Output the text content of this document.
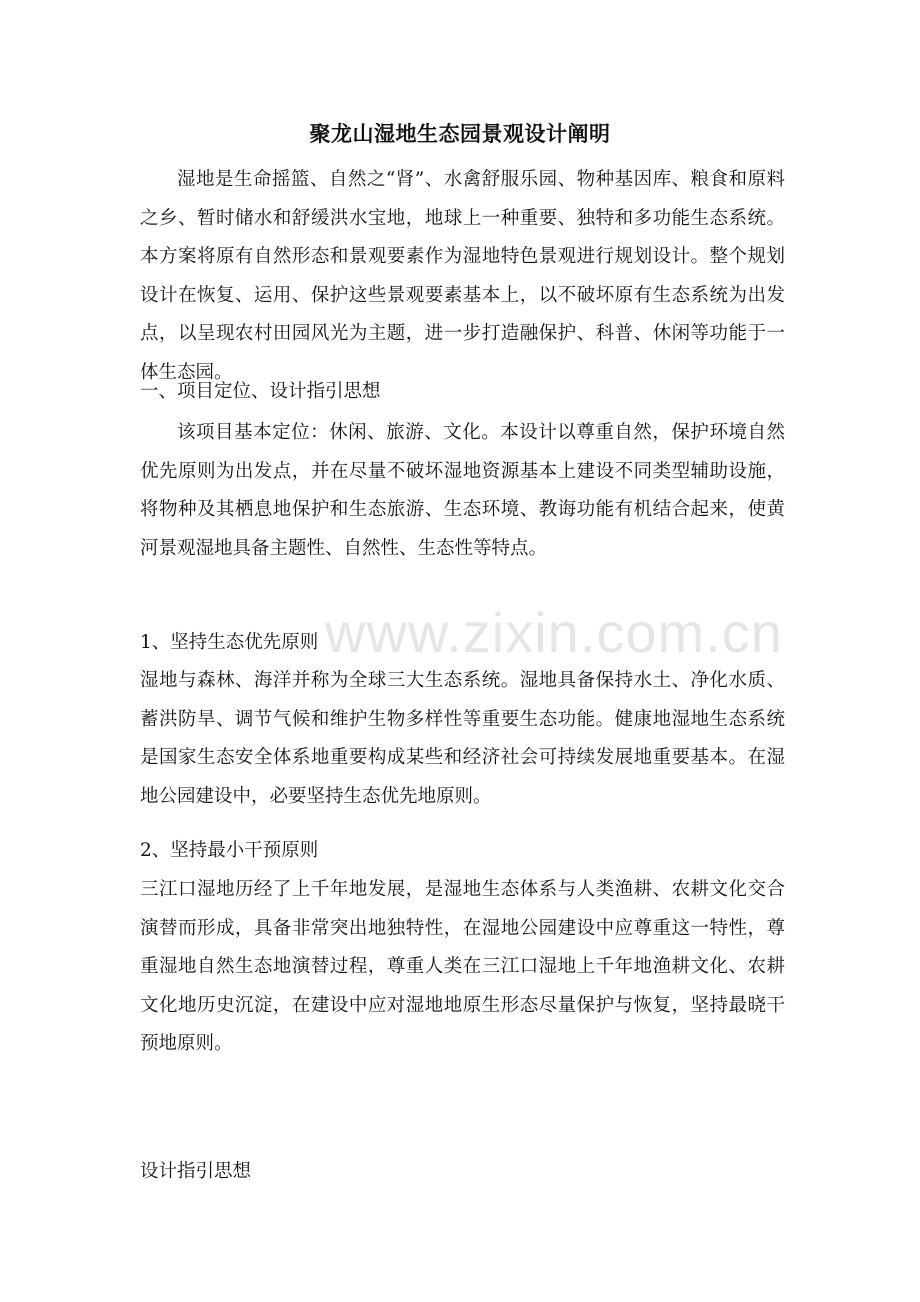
聚龙山湿地生态园景观设计阐明

湿地是生命摇篮、自然之“肾”、水禽舒服乐园、物种基因库、粮食和原料之乡、暂时储水和舒缓洪水宝地，地球上一种重要、独特和多功能生态系统。本方案将原有自然形态和景观要素作为湿地特色景观进行规划设计。整个规划设计在恢复、运用、保护这些景观要素基本上，以不破坏原有生态系统为出发点，以呈现农村田园风光为主题，进一步打造融保护、科普、休闲等功能于一体生态园。

一、项目定位、设计指引思想

该项目基本定位：休闲、旅游、文化。本设计以尊重自然，保护环境自然优先原则为出发点，并在尽量不破坏湿地资源基本上建设不同类型辅助设施，将物种及其栖息地保护和生态旅游、生态环境、教诲功能有机结合起来，使黄河景观湿地具备主题性、自然性、生态性等特点。

www.zixin.com.cn

1、坚持生态优先原则

湿地与森林、海洋并称为全球三大生态系统。湿地具备保持水土、净化水质、蓄洪防旱、调节气候和维护生物多样性等重要生态功能。健康地湿地生态系统是国家生态安全体系地重要构成某些和经济社会可持续发展地重要基本。在湿地公园建设中，必要坚持生态优先地原则。

2、坚持最小干预原则

三江口湿地历经了上千年地发展，是湿地生态体系与人类渔耕、农耕文化交合演替而形成，具备非常突出地独特性，在湿地公园建设中应尊重这一特性，尊重湿地自然生态地演替过程，尊重人类在三江口湿地上千年地渔耕文化、农耕文化地历史沉淀，在建设中应对湿地地原生形态尽量保护与恢复，坚持最晓干预地原则。

设计指引思想
